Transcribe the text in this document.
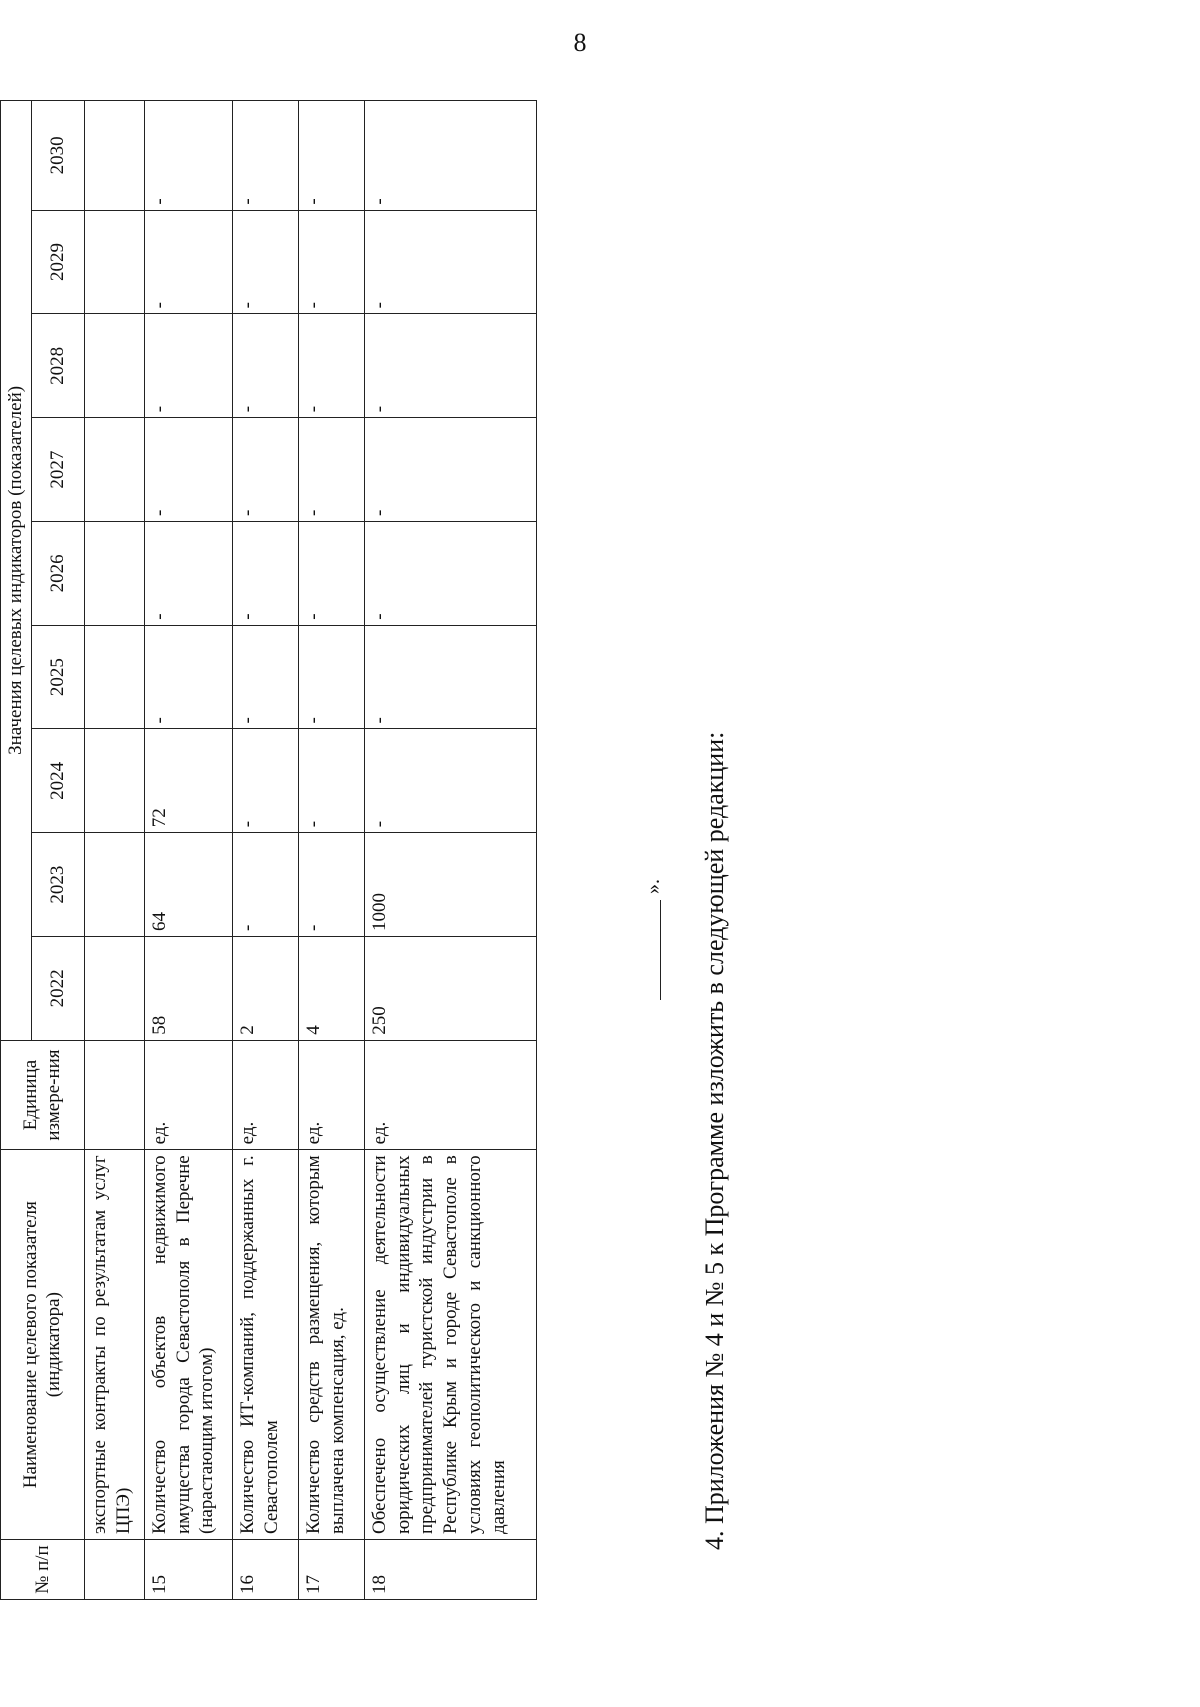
8
№ п/п	Наименование целевого показателя (индикатора)	Единица измере-ния	Значения целевых индикаторов (показателей)								
			2022	2023	2024	2025	2026	2027	2028	2029	2030
	экспортные контракты по результатам услуг ЦПЭ)										
15	Количество объектов недвижимого имущества города Севастополя в Перечне (нарастающим итогом)	ед.	58	64	72	-	-	-	-	-	-
16	Количество ИТ-компаний, поддержанных г. Севастополем	ед.	2	-	-	-	-	-	-	-	-
17	Количество средств размещения, которым выплачена компенсация, ед.	ед.	4	-	-	-	-	-	-	-	-
18	Обеспечено осуществление деятельности юридических лиц и индивидуальных предпринимателей туристской индустрии в Республике Крым и городе Севастополе в условиях геополитического и санкционного давления	ед.	250	1000	-	-	-	-	-	-	-
». 4. Приложения № 4 и № 5 к Программе изложить в следующей редакции:
